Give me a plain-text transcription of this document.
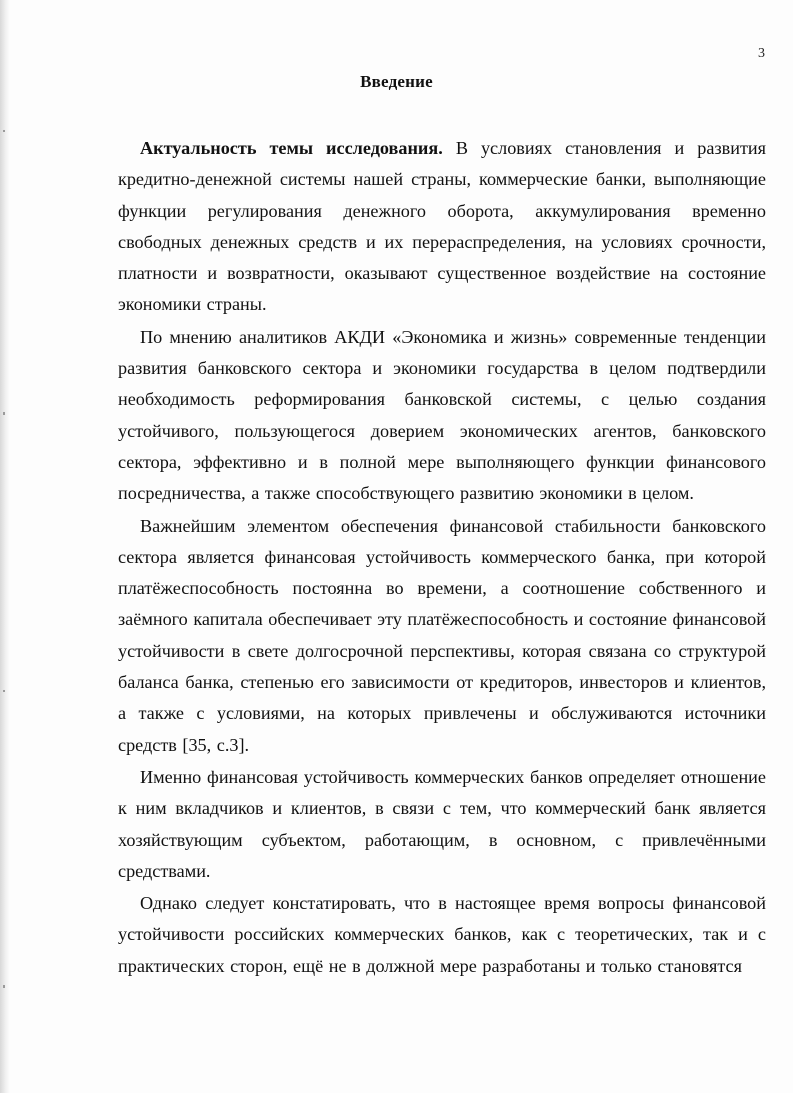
3
Введение

Актуальность темы исследования. В условиях становления и развития кредитно-денежной системы нашей страны, коммерческие банки, выполняющие функции регулирования денежного оборота, аккумулирования временно свободных денежных средств и их перераспределения, на условиях срочности, платности и возвратности, оказывают существенное воздействие на состояние экономики страны.

По мнению аналитиков АКДИ «Экономика и жизнь» современные тенденции развития банковского сектора и экономики государства в целом подтвердили необходимость реформирования банковской системы, с целью создания устойчивого, пользующегося доверием экономических агентов, банковского сектора, эффективно и в полной мере выполняющего функции финансового посредничества, а также способствующего развитию экономики в целом.

Важнейшим элементом обеспечения финансовой стабильности банковского сектора является финансовая устойчивость коммерческого банка, при которой платёжеспособность постоянна во времени, а соотношение собственного и заёмного капитала обеспечивает эту платёжеспособность и состояние финансовой устойчивости в свете долгосрочной перспективы, которая связана со структурой баланса банка, степенью его зависимости от кредиторов, инвесторов и клиентов, а также с условиями, на которых привлечены и обслуживаются источники средств [35, с.3].

Именно финансовая устойчивость коммерческих банков определяет отношение к ним вкладчиков и клиентов, в связи с тем, что коммерческий банк является хозяйствующим субъектом, работающим, в основном, с привлечёнными средствами.

Однако следует констатировать, что в настоящее время вопросы финансовой устойчивости российских коммерческих банков, как с теоретических, так и с практических сторон, ещё не в должной мере разработаны и только становятся
